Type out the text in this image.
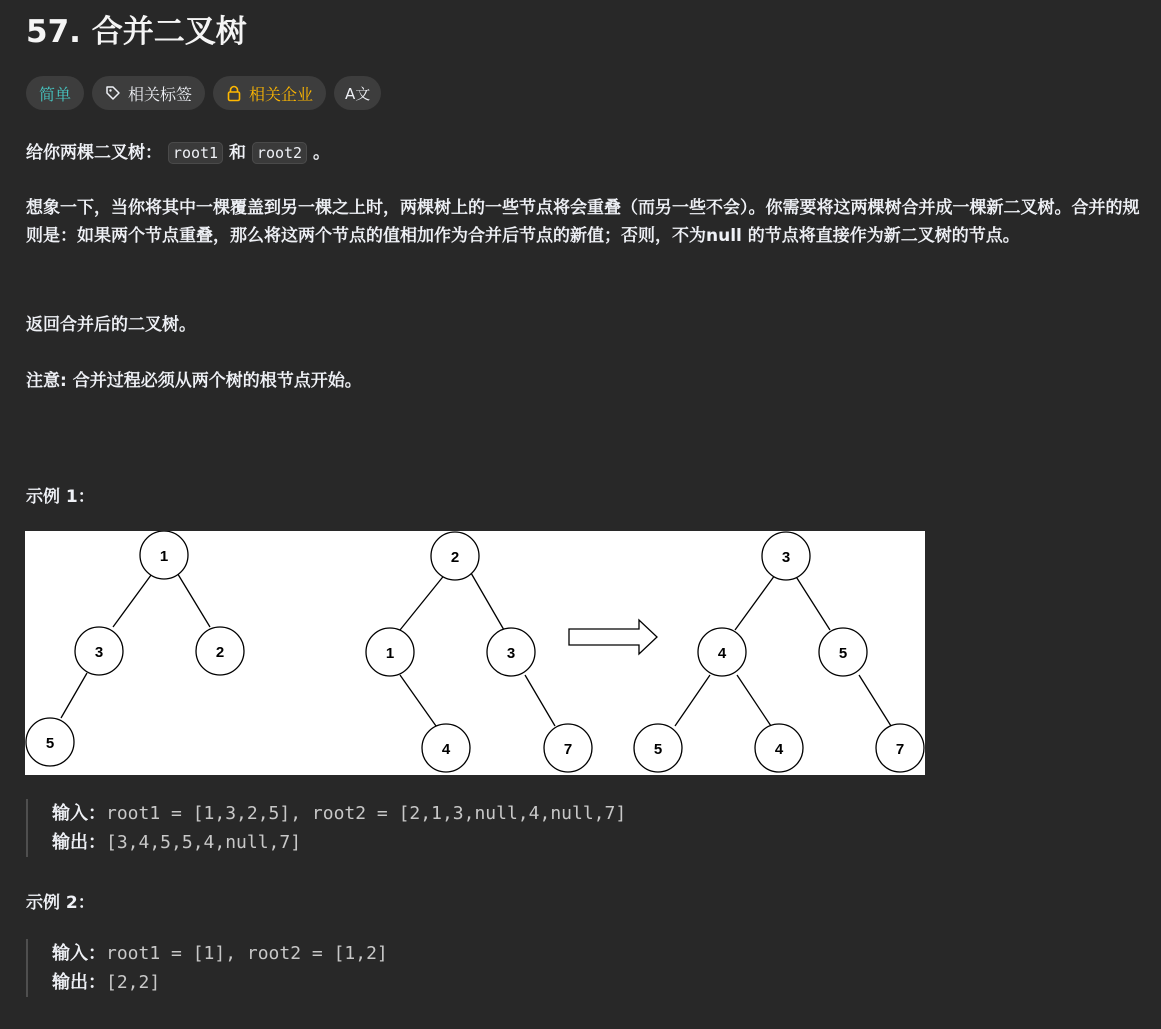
57. 合并二叉树
简单	相关标签	相关企业 A文

给你两棵二叉树： root1 和 root2 。

想象一下，当你将其中一棵覆盖到另一棵之上时，两棵树上的一些节点将会重叠（而另一些不会）。你需要将这两棵树合并成一棵新二叉树。合并的规则是：如果两个节点重叠，那么将这两个节点的值相加作为合并后节点的新值；否则，不为null 的节点将直接作为新二叉树的节点。

返回合并后的二叉树。

注意: 合并过程必须从两个树的根节点开始。

示例 1：

1
3	2
5
2
1	3
4	7
3
4	5
5	4	7
输入：root1 = [1,3,2,5], root2 = [2,1,3,null,4,null,7]
输出：[3,4,5,5,4,null,7]

示例 2：

输入：root1 = [1], root2 = [1,2]
输出：[2,2]
